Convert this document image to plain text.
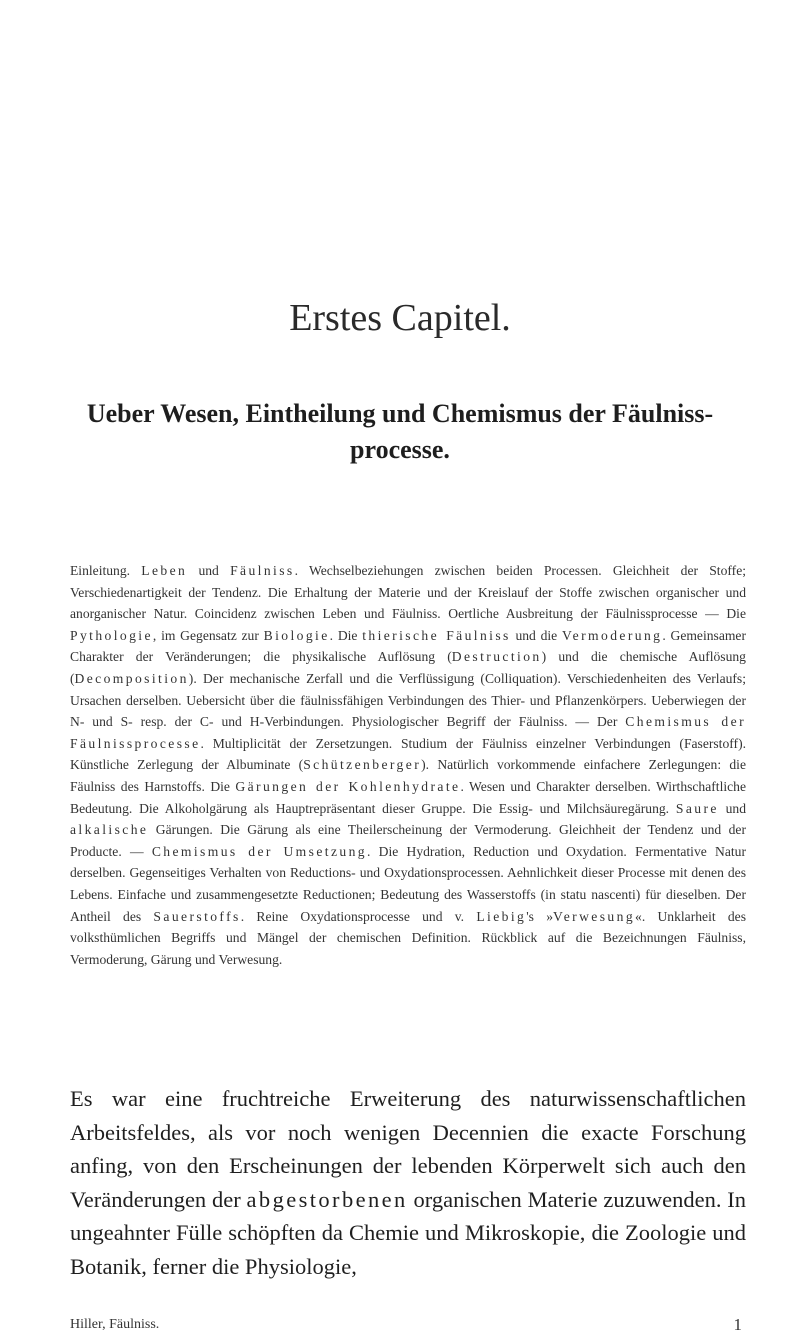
Erstes Capitel.
Ueber Wesen, Eintheilung und Chemismus der Fäulniss-processe.

Einleitung. Leben und Fäulniss. Wechselbeziehungen zwischen beiden Processen. Gleichheit der Stoffe; Verschiedenartigkeit der Tendenz. Die Erhaltung der Materie und der Kreislauf der Stoffe zwischen organischer und anorganischer Natur. Coincidenz zwischen Leben und Fäulniss. Oertliche Ausbreitung der Fäulnissprocesse — Die Pythologie, im Gegensatz zur Biologie. Die thierische Fäulniss und die Vermoderung. Gemeinsamer Charakter der Veränderungen; die physikalische Auflösung (Destruction) und die chemische Auflösung (Decomposition). Der mechanische Zerfall und die Verflüssigung (Colliquation). Verschiedenheiten des Verlaufs; Ursachen derselben. Uebersicht über die fäulnissfähigen Verbindungen des Thier- und Pflanzenkörpers. Ueberwiegen der N- und S- resp. der C- und H-Verbindungen. Physiologischer Begriff der Fäulniss. — Der Chemismus der Fäulnissprocesse. Multiplicität der Zersetzungen. Studium der Fäulniss einzelner Verbindungen (Faserstoff). Künstliche Zerlegung der Albuminate (Schützenberger). Natürlich vorkommende einfachere Zerlegungen: die Fäulniss des Harnstoffs. Die Gärungen der Kohlenhydrate. Wesen und Charakter derselben. Wirthschaftliche Bedeutung. Die Alkoholgärung als Hauptrepräsentant dieser Gruppe. Die Essig- und Milchsäuregärung. Saure und alkalische Gärungen. Die Gärung als eine Theilerscheinung der Vermoderung. Gleichheit der Tendenz und der Producte. — Chemismus der Umsetzung. Die Hydration, Reduction und Oxydation. Fermentative Natur derselben. Gegenseitiges Verhalten von Reductions- und Oxydationsprocessen. Aehnlichkeit dieser Processe mit denen des Lebens. Einfache und zusammengesetzte Reductionen; Bedeutung des Wasserstoffs (in statu nascenti) für dieselben. Der Antheil des Sauerstoffs. Reine Oxydationsprocesse und v. Liebig's »Verwesung«. Unklarheit des volksthümlichen Begriffs und Mängel der chemischen Definition. Rückblick auf die Bezeichnungen Fäulniss, Vermoderung, Gärung und Verwesung.

Es war eine fruchtreiche Erweiterung des naturwissenschaftlichen Arbeitsfeldes, als vor noch wenigen Decennien die exacte Forschung anfing, von den Erscheinungen der lebenden Körperwelt sich auch den Veränderungen der abgestorbenen organischen Materie zuzuwenden. In ungeahnter Fülle schöpften da Chemie und Mikroskopie, die Zoologie und Botanik, ferner die Physiologie,

Hiller, Fäulniss.	1
